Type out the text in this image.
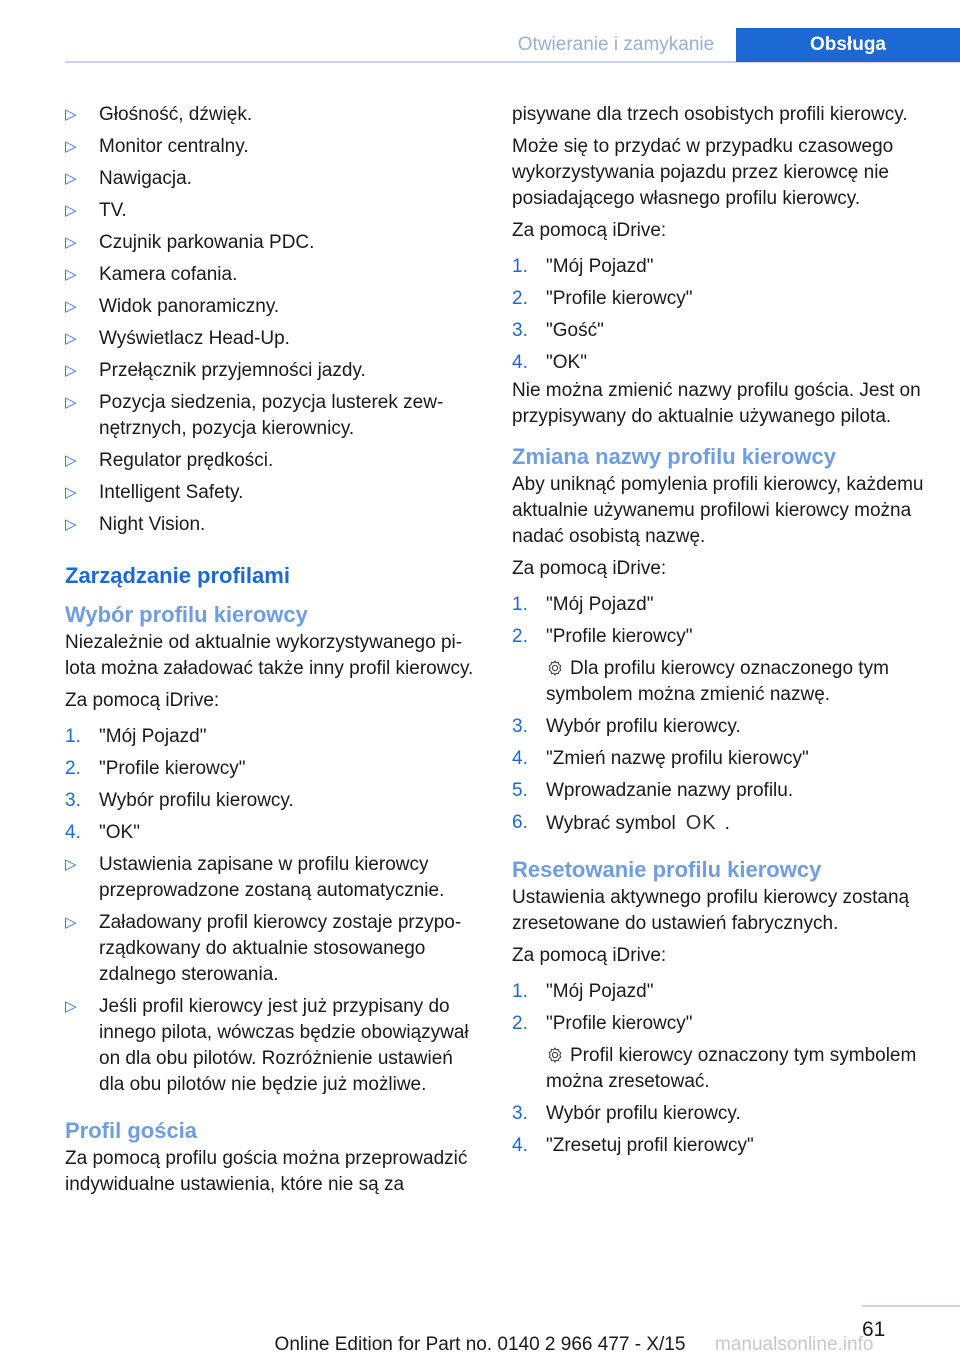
Otwieranie i zamykanie	Obsługa
▷ Głośność, dźwięk.
▷ Monitor centralny.
▷ Nawigacja.
▷ TV.
▷ Czujnik parkowania PDC.
▷ Kamera cofania.
▷ Widok panoramiczny.
▷ Wyświetlacz Head-Up.
▷ Przełącznik przyjemności jazdy.
▷ Pozycja siedzenia, pozycja lusterek zewnętrznych, pozycja kierownicy.
▷ Regulator prędkości.
▷ Intelligent Safety.
▷ Night Vision.
Zarządzanie profilami
Wybór profilu kierowcy

Niezależnie od aktualnie wykorzystywanego pilota można załadować także inny profil kierowcy.

Za pomocą iDrive:

1. "Mój Pojazd"
2. "Profile kierowcy"
3. Wybór profilu kierowcy.
4. "OK"
▷ Ustawienia zapisane w profilu kierowcy przeprowadzone zostaną automatycznie.
▷ Załadowany profil kierowcy zostaje przyporządkowany do aktualnie stosowanego zdalnego sterowania.
▷ Jeśli profil kierowcy jest już przypisany do innego pilota, wówczas będzie obowiązywał on dla obu pilotów. Rozróżnienie ustawień dla obu pilotów nie będzie już możliwe.
Profil gościa

Za pomocą profilu gościa można przeprowadzić indywidualne ustawienia, które nie są za

pisywane dla trzech osobistych profili kierowcy.

Może się to przydać w przypadku czasowego wykorzystywania pojazdu przez kierowcę nie posiadającego własnego profilu kierowcy.

Za pomocą iDrive:

1. "Mój Pojazd"
2. "Profile kierowcy"
3. "Gość"
4. "OK"

Nie można zmienić nazwy profilu gościa. Jest on przypisywany do aktualnie używanego pilota.

Zmiana nazwy profilu kierowcy

Aby uniknąć pomylenia profili kierowcy, każdemu aktualnie używanemu profilowi kierowcy można nadać osobistą nazwę.

Za pomocą iDrive:

1. "Mój Pojazd"
2. "Profile kierowcy"
Dla profilu kierowcy oznaczonego tym symbolem można zmienić nazwę.
3. Wybór profilu kierowcy.
4. "Zmień nazwę profilu kierowcy"
5. Wprowadzanie nazwy profilu.
6. Wybrać symbol OK .
Resetowanie profilu kierowcy

Ustawienia aktywnego profilu kierowcy zostaną zresetowane do ustawień fabrycznych.

Za pomocą iDrive:

1. "Mój Pojazd"
2. "Profile kierowcy"
Profil kierowcy oznaczony tym symbolem można zresetować.
3. Wybór profilu kierowcy.
4. "Zresetuj profil kierowcy"
61
Online Edition for Part no. 0140 2 966 477 - X/15	manualsonline.info
